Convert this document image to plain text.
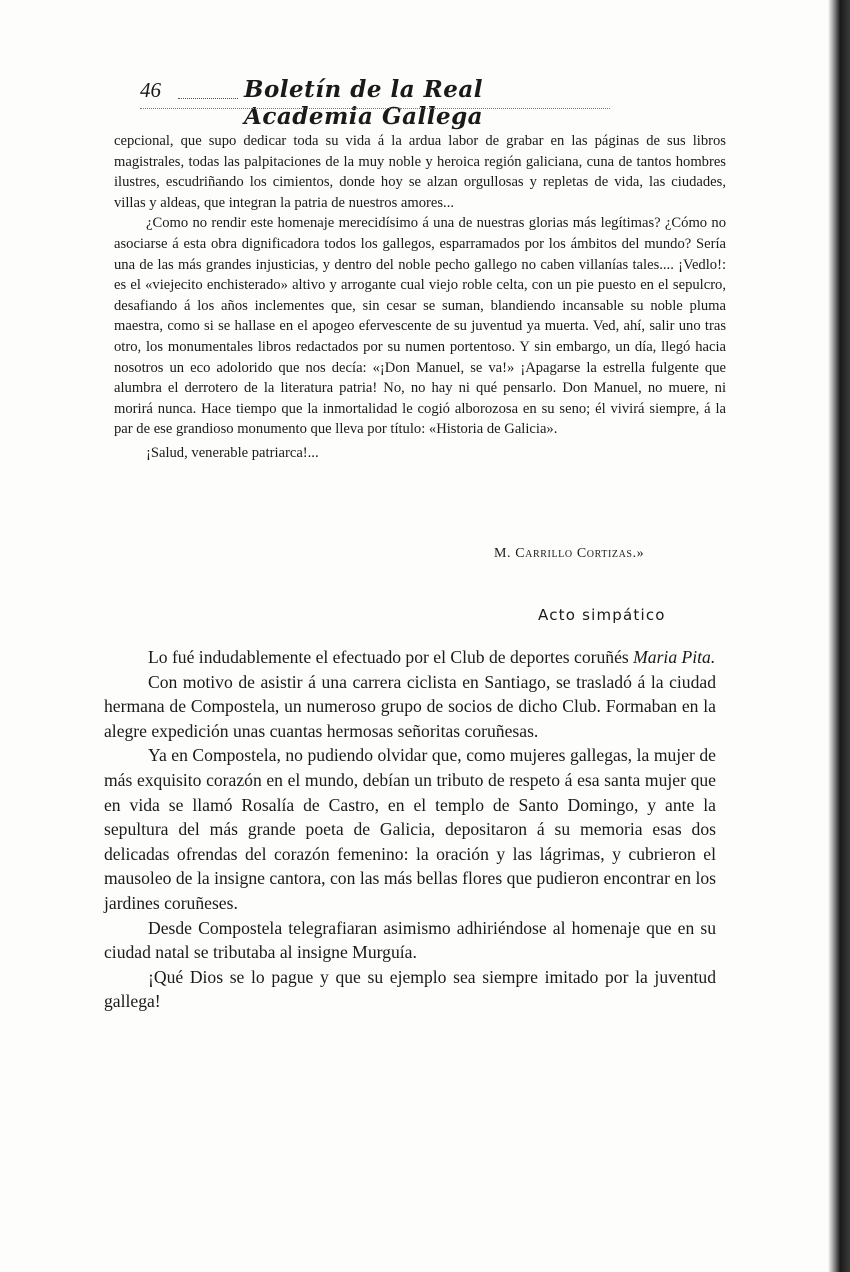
46	Boletín de la Real Academia Gallega

cepcional, que supo dedicar toda su vida á la ardua labor de grabar en las páginas de sus libros magistrales, todas las palpitaciones de la muy noble y heroica región galiciana, cuna de tantos hombres ilustres, escudriñando los cimientos, donde hoy se alzan orgullosas y repletas de vida, las ciudades, villas y aldeas, que integran la patria de nuestros amores...

¿Como no rendir este homenaje merecidísimo á una de nuestras glorias más legítimas? ¿Cómo no asociarse á esta obra dignificadora todos los gallegos, esparramados por los ámbitos del mundo? Sería una de las más grandes injusticias, y dentro del noble pecho gallego no caben villanías tales.... ¡Vedlo!: es el «viejecito enchisterado» altivo y arrogante cual viejo roble celta, con un pie puesto en el sepulcro, desafiando á los años inclementes que, sin cesar se suman, blandiendo incansable su noble pluma maestra, como si se hallase en el apogeo efervescente de su juventud ya muerta. Ved, ahí, salir uno tras otro, los monumentales libros redactados por su numen portentoso. Y sin embargo, un día, llegó hacia nosotros un eco adolorido que nos decía: «¡Don Manuel, se va!» ¡Apagarse la estrella fulgente que alumbra el derrotero de la literatura patria! No, no hay ni qué pensarlo. Don Manuel, no muere, ni morirá nunca. Hace tiempo que la inmortalidad le cogió alborozosa en su seno; él vivirá siempre, á la par de ese grandioso monumento que lleva por título: «Historia de Galicia».

¡Salud, venerable patriarca!...

M. Carrillo Cortizas.»
Acto simpático

Lo fué indudablemente el efectuado por el Club de deportes coruñés Maria Pita.

Con motivo de asistir á una carrera ciclista en Santiago, se trasladó á la ciudad hermana de Compostela, un numeroso grupo de socios de dicho Club. Formaban en la alegre expedición unas cuantas hermosas señoritas coruñesas.

Ya en Compostela, no pudiendo olvidar que, como mujeres gallegas, la mujer de más exquisito corazón en el mundo, debían un tributo de respeto á esa santa mujer que en vida se llamó Rosalía de Castro, en el templo de Santo Domingo, y ante la sepultura del más grande poeta de Galicia, depositaron á su memoria esas dos delicadas ofrendas del corazón femenino: la oración y las lágrimas, y cubrieron el mausoleo de la insigne cantora, con las más bellas flores que pudieron encontrar en los jardines coruñeses.

Desde Compostela telegrafiaran asimismo adhiriéndose al homenaje que en su ciudad natal se tributaba al insigne Murguía.

¡Qué Dios se lo pague y que su ejemplo sea siempre imitado por la juventud gallega!
